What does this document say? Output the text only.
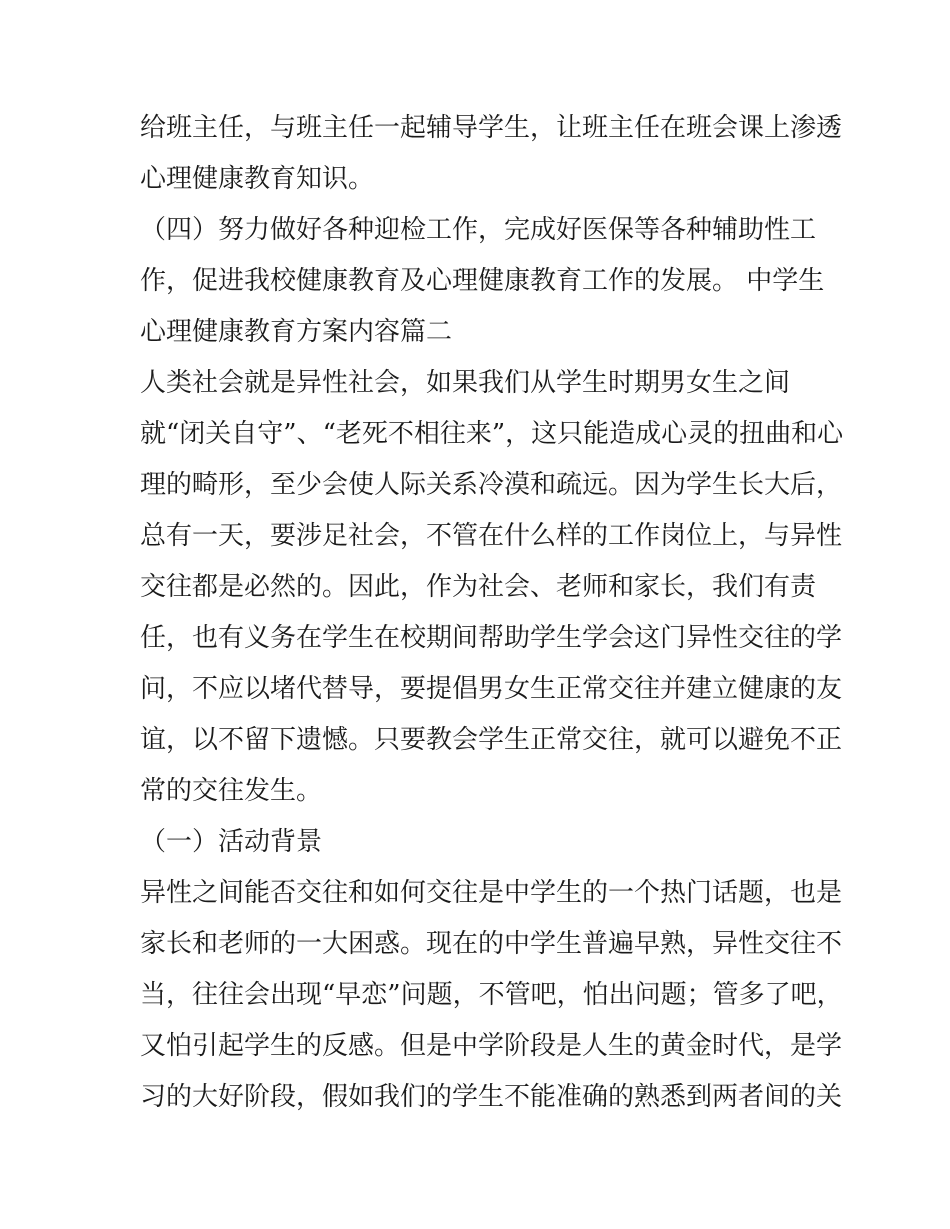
给班主任，与班主任一起辅导学生，让班主任在班会课上渗透
心理健康教育知识。
（四）努力做好各种迎检工作，完成好医保等各种辅助性工
作，促进我校健康教育及心理健康教育工作的发展。 中学生
心理健康教育方案内容篇二
人类社会就是异性社会，如果我们从学生时期男女生之间
就“闭关自守”、“老死不相往来”，这只能造成心灵的扭曲和心
理的畸形，至少会使人际关系冷漠和疏远。因为学生长大后，
总有一天，要涉足社会，不管在什么样的工作岗位上，与异性
交往都是必然的。因此，作为社会、老师和家长，我们有责
任，也有义务在学生在校期间帮助学生学会这门异性交往的学
问，不应以堵代替导，要提倡男女生正常交往并建立健康的友
谊，以不留下遗憾。只要教会学生正常交往，就可以避免不正
常的交往发生。
（一）活动背景
异性之间能否交往和如何交往是中学生的一个热门话题，也是
家长和老师的一大困惑。现在的中学生普遍早熟，异性交往不
当，往往会出现“早恋”问题，不管吧，怕出问题；管多了吧，
又怕引起学生的反感。但是中学阶段是人生的黄金时代，是学
习的大好阶段，假如我们的学生不能准确的熟悉到两者间的关
